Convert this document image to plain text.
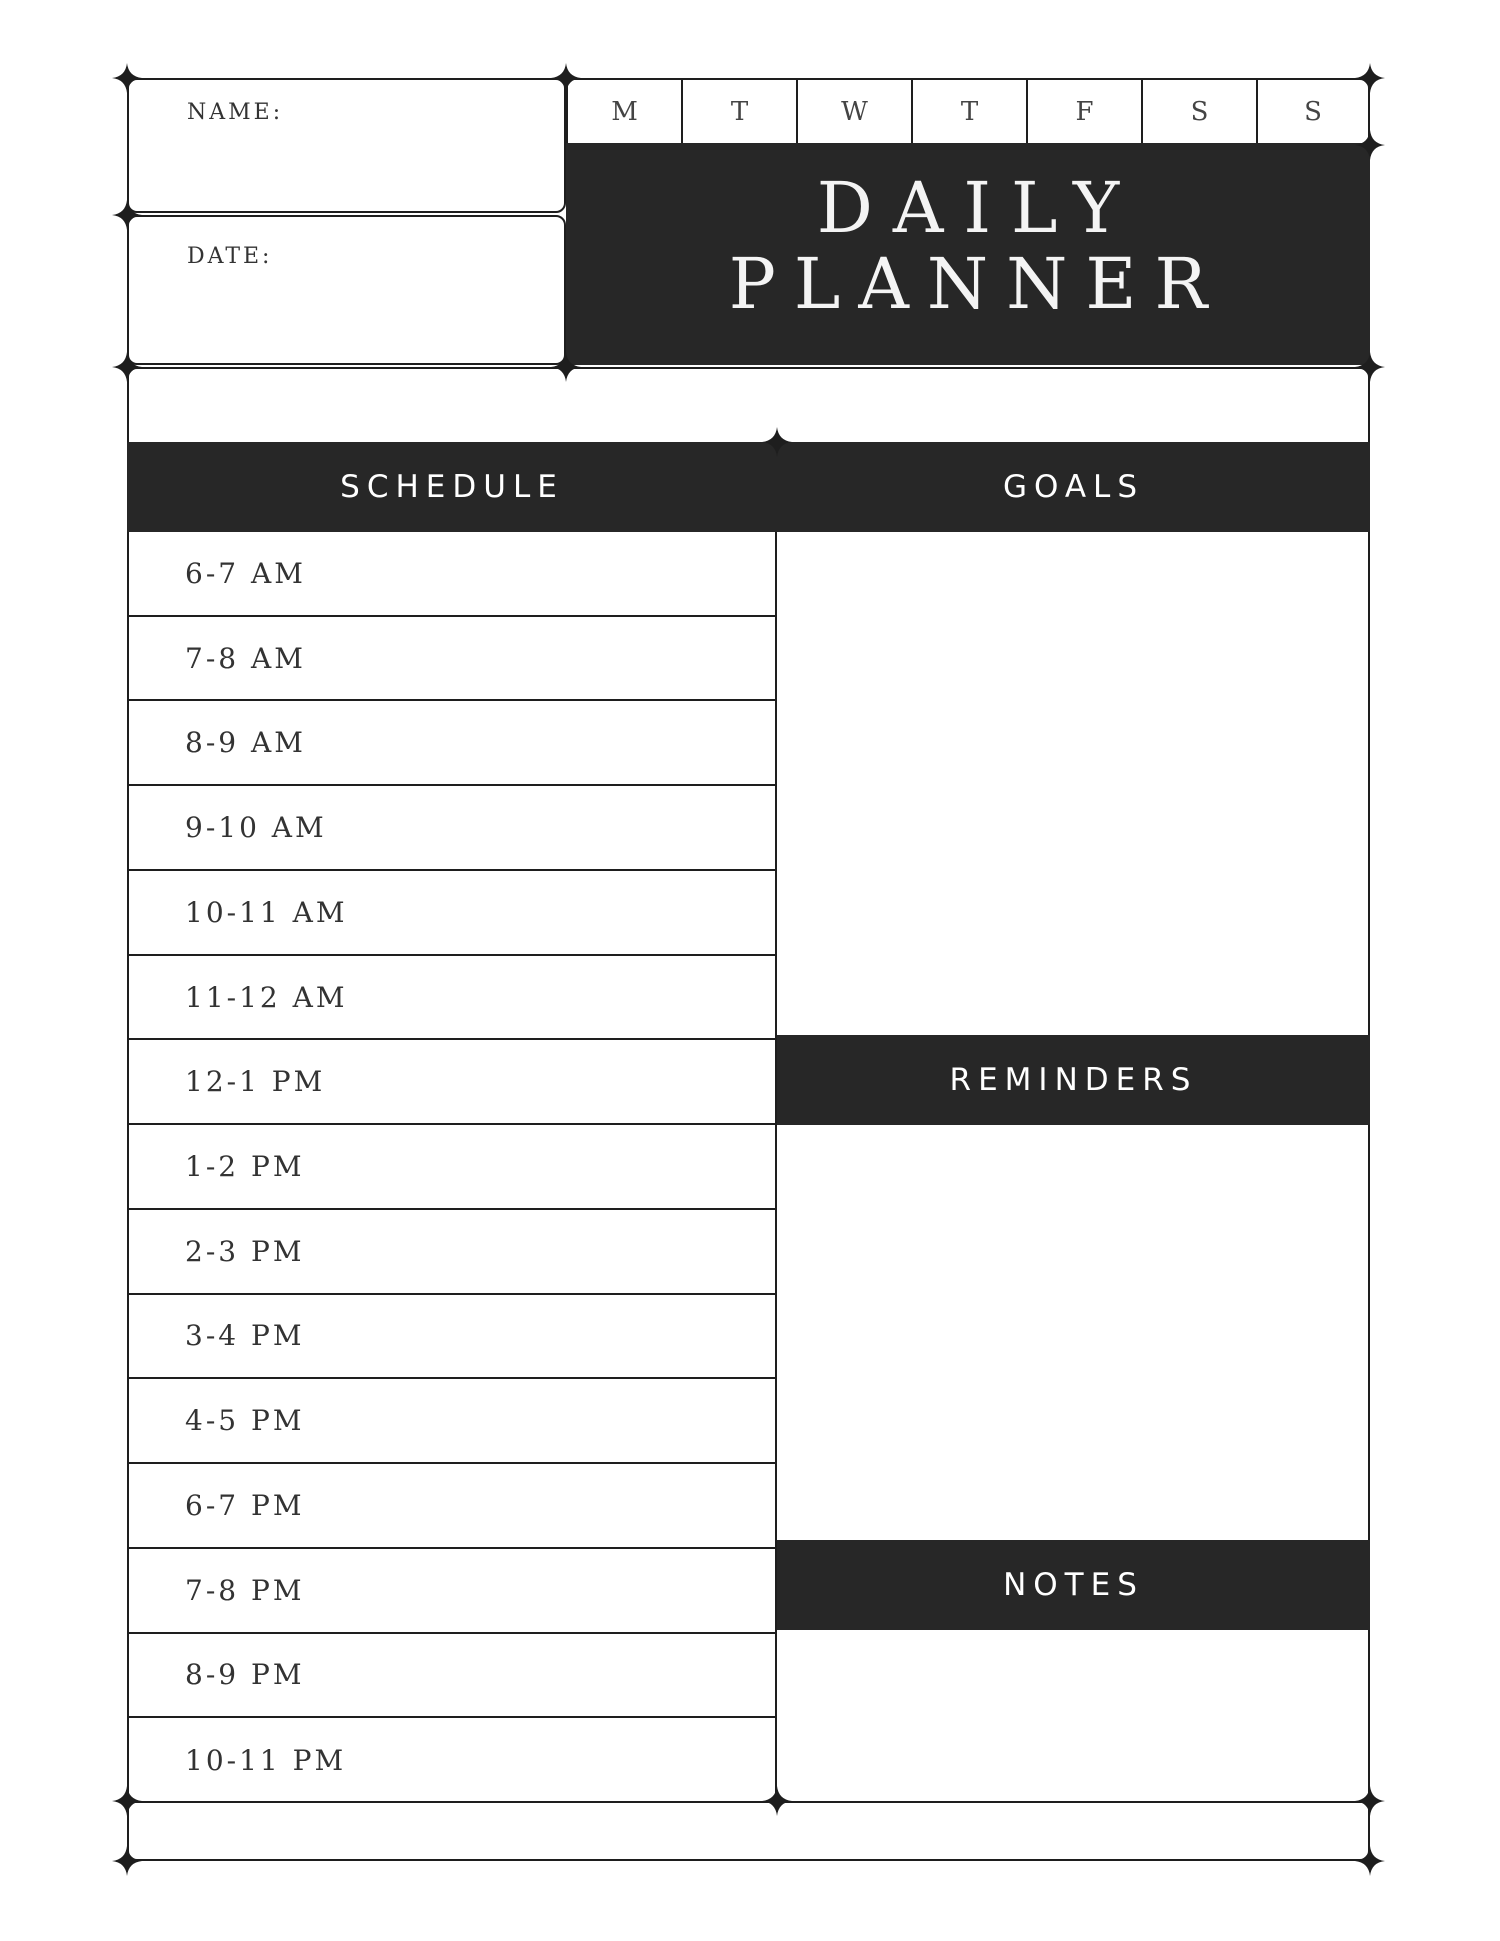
NAME:
DATE:
M	T	W	T	F	S	S
DAILY
PLANNER
SCHEDULE	GOALS
6-7 AM
7-8 AM
8-9 AM
9-10 AM
10-11 AM
11-12 AM
12-1 PM
1-2 PM
2-3 PM
3-4 PM
4-5 PM
6-7 PM
7-8 PM
8-9 PM
10-11 PM
REMINDERS
NOTES
